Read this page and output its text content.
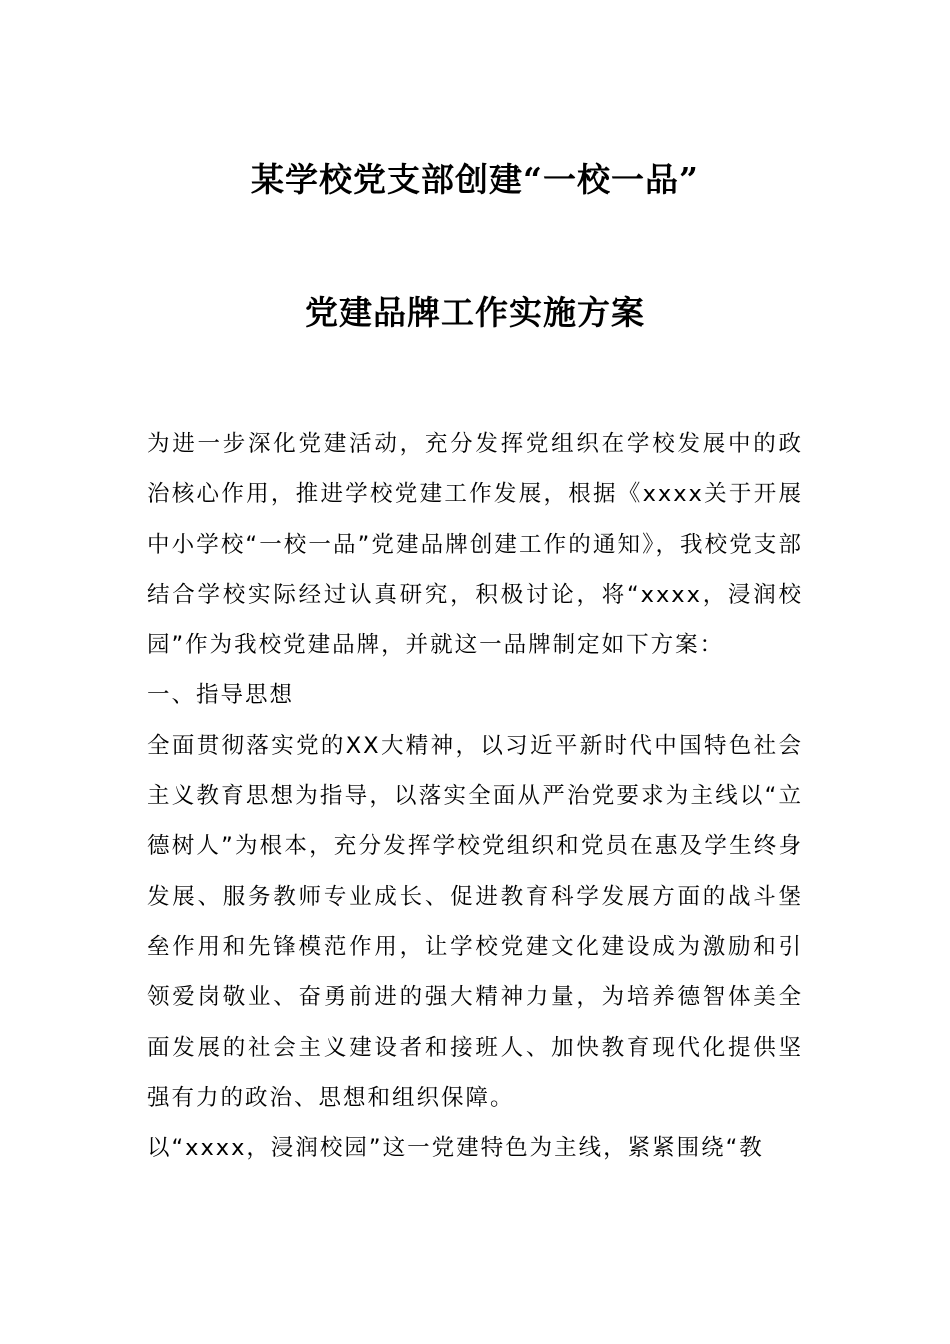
某学校党支部创建“一校一品”
党建品牌工作实施方案

为进一步深化党建活动，充分发挥党组织在学校发展中的政治核心作用，推进学校党建工作发展，根据《xxxx关于开展中小学校“一校一品”党建品牌创建工作的通知》，我校党支部结合学校实际经过认真研究，积极讨论，将“xxxx，浸润校园”作为我校党建品牌，并就这一品牌制定如下方案：

一、指导思想

全面贯彻落实党的XX大精神，以习近平新时代中国特色社会主义教育思想为指导，以落实全面从严治党要求为主线以“立德树人”为根本，充分发挥学校党组织和党员在惠及学生终身发展、服务教师专业成长、促进教育科学发展方面的战斗堡垒作用和先锋模范作用，让学校党建文化建设成为激励和引领爱岗敬业、奋勇前进的强大精神力量，为培养德智体美全面发展的社会主义建设者和接班人、加快教育现代化提供坚强有力的政治、思想和组织保障。

以“xxxx，浸润校园”这一党建特色为主线，紧紧围绕“教
